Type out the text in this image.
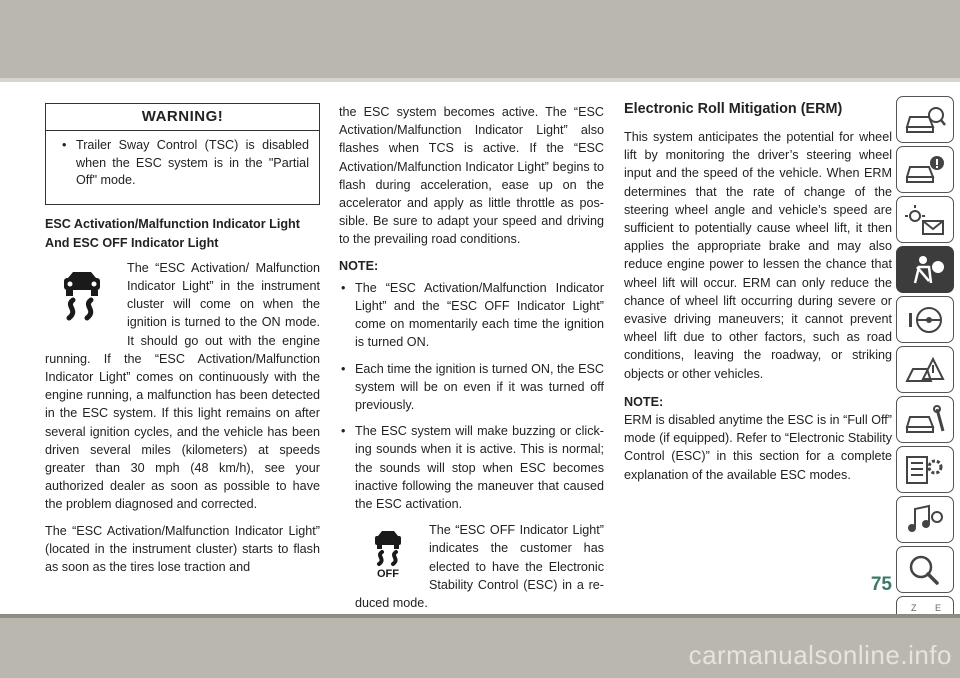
WARNING!

• Trailer Sway Control (TSC) is disabled when the ESC system is in the "Partial Off" mode.

ESC Activation/Malfunction Indicator Light And ESC OFF Indicator Light

The “ESC Activation/ Malfunction Indicator Light” in the instrument cluster will come on when the ignition is turned to the ON mode. It should go out with the engine running. If the “ESC Activation/Malfunction Indicator Light” comes on continuously with the engine running, a malfunction has been detected in the ESC system. If this light remains on after several ignition cycles, and the vehicle has been driven several miles (kilometers) at speeds greater than 30 mph (48 km/h), see your authorized dealer as soon as possible to have the problem diagnosed and corrected.

The “ESC Activation/Malfunction Indicator Light” (located in the instrument cluster) starts to flash as soon as the tires lose traction and

the ESC system becomes active. The “ESC Activation/Malfunction Indicator Light” also flashes when TCS is active. If the “ESC Activation/Malfunction Indicator Light” begins to flash during acceleration, ease up on the accelerator and apply as little throttle as possible. Be sure to adapt your speed and driving to the prevailing road conditions.

NOTE:
• The “ESC Activation/Malfunction Indicator Light” and the “ESC OFF Indicator Light” come on momentarily each time the ignition is turned ON.
• Each time the ignition is turned ON, the ESC system will be on even if it was turned off previously.
• The ESC system will make buzzing or clicking sounds when it is active. This is normal; the sounds will stop when ESC becomes inactive following the maneuver that caused the ESC activation.

OFF
The “ESC OFF Indicator Light” indicates the customer has elected to have the Electronic Stability Control (ESC) in a reduced mode.

Electronic Roll Mitigation (ERM)

This system anticipates the potential for wheel lift by monitoring the driver’s steering wheel input and the speed of the vehicle. When ERM determines that the rate of change of the steering wheel angle and vehicle’s speed are sufficient to potentially cause wheel lift, it then applies the appropriate brake and may also reduce engine power to lessen the chance that wheel lift will occur. ERM can only reduce the chance of wheel lift occurring during severe or evasive driving maneuvers; it cannot prevent wheel lift due to other factors, such as road conditions, leaving the roadway, or striking objects or other vehicles.

NOTE:

ERM is disabled anytime the ESC is in “Full Off” mode (if equipped). Refer to “Electronic Stability Control (ESC)” in this section for a complete explanation of the available ESC modes.

Z E
75
carmanualsonline.info
